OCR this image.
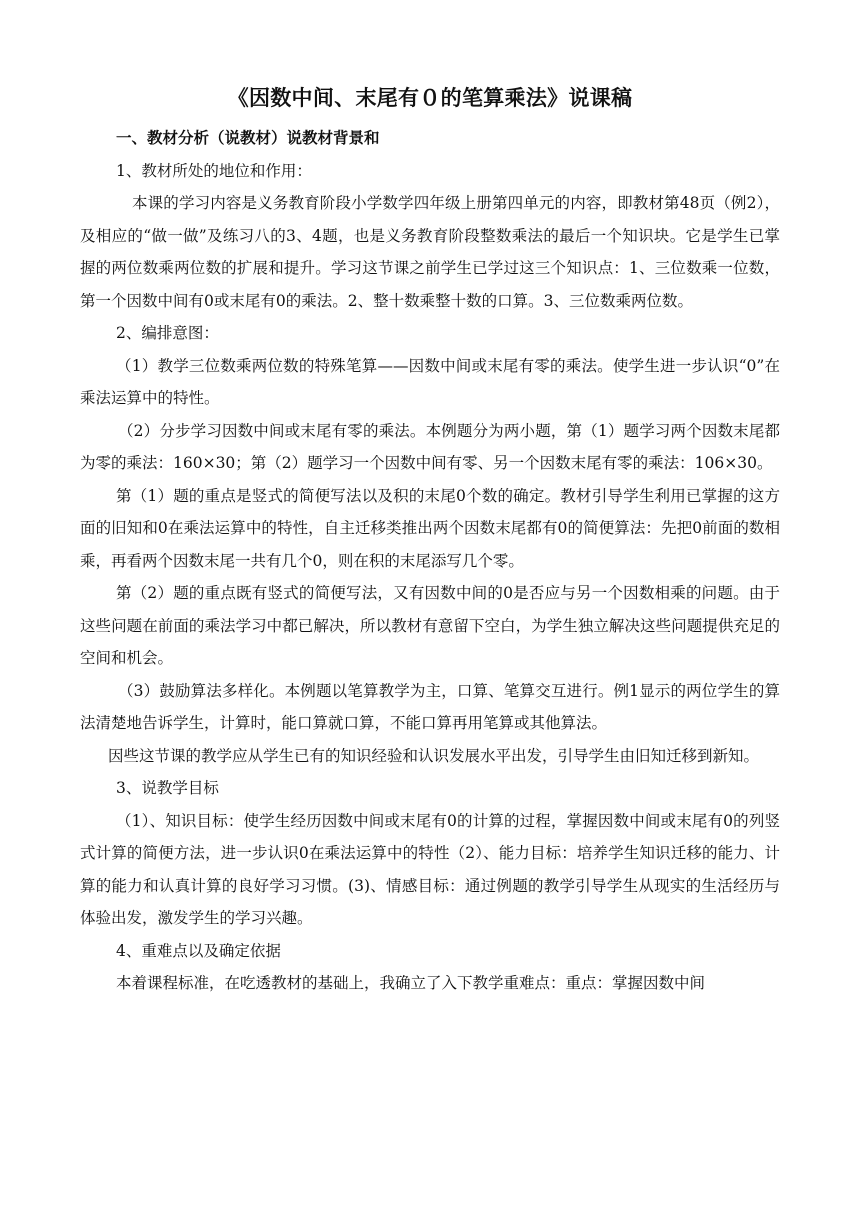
《因数中间、末尾有０的笔算乘法》说课稿

一、教材分析（说教材）说教材背景和

1、教材所处的地位和作用：

本课的学习内容是义务教育阶段小学数学四年级上册第四单元的内容，即教材第48页（例2），及相应的“做一做”及练习八的3、4题，也是义务教育阶段整数乘法的最后一个知识块。它是学生已掌握的两位数乘两位数的扩展和提升。学习这节课之前学生已学过这三个知识点：1、三位数乘一位数，第一个因数中间有0或末尾有0的乘法。2、整十数乘整十数的口算。3、三位数乘两位数。

2、编排意图：

（1）教学三位数乘两位数的特殊笔算——因数中间或末尾有零的乘法。使学生进一步认识“0”在乘法运算中的特性。

（2）分步学习因数中间或末尾有零的乘法。本例题分为两小题，第（1）题学习两个因数末尾都为零的乘法：160×30；第（2）题学习一个因数中间有零、另一个因数末尾有零的乘法：106×30。

第（1）题的重点是竖式的简便写法以及积的末尾0个数的确定。教材引导学生利用已掌握的这方面的旧知和0在乘法运算中的特性，自主迁移类推出两个因数末尾都有0的简便算法：先把0前面的数相乘，再看两个因数末尾一共有几个0，则在积的末尾添写几个零。

第（2）题的重点既有竖式的简便写法，又有因数中间的0是否应与另一个因数相乘的问题。由于这些问题在前面的乘法学习中都已解决，所以教材有意留下空白，为学生独立解决这些问题提供充足的空间和机会。

（3）鼓励算法多样化。本例题以笔算教学为主，口算、笔算交互进行。例1显示的两位学生的算法清楚地告诉学生，计算时，能口算就口算，不能口算再用笔算或其他算法。

因些这节课的教学应从学生已有的知识经验和认识发展水平出发，引导学生由旧知迁移到新知。

3、说教学目标

（1）、知识目标：使学生经历因数中间或末尾有0的计算的过程，掌握因数中间或末尾有0的列竖式计算的简便方法，进一步认识0在乘法运算中的特性（2）、能力目标：培养学生知识迁移的能力、计算的能力和认真计算的良好学习习惯。(3)、情感目标：通过例题的教学引导学生从现实的生活经历与体验出发，激发学生的学习兴趣。

4、重难点以及确定依据

本着课程标准，在吃透教材的基础上，我确立了入下教学重难点：重点：掌握因数中间
